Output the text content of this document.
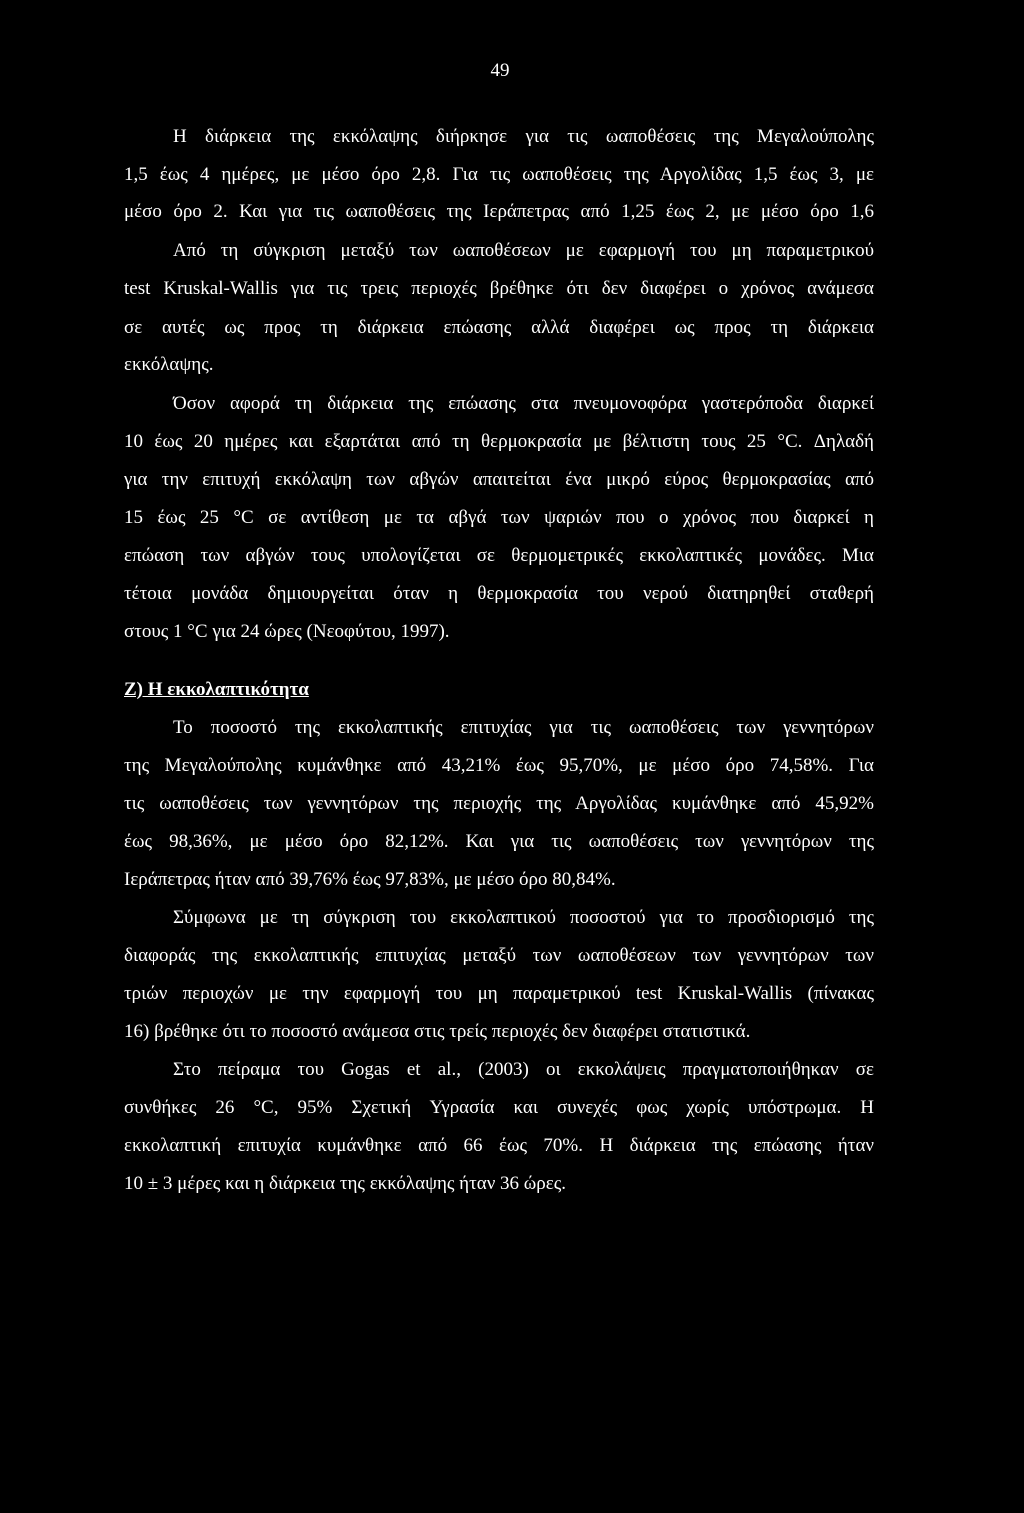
49
Η διάρκεια της εκκόλαψης διήρκησε για τις ωαποθέσεις της Μεγαλούπολης
1,5 έως 4 ημέρες, με μέσο όρο 2,8. Για τις ωαποθέσεις της Αργολίδας 1,5 έως 3, με
μέσο όρο 2. Και για τις ωαποθέσεις της Ιεράπετρας από 1,25 έως 2, με μέσο όρο 1,6
Από τη σύγκριση μεταξύ των ωαποθέσεων με εφαρμογή του μη παραμετρικού
test Kruskal-Wallis για τις τρεις περιοχές βρέθηκε ότι δεν διαφέρει ο χρόνος ανάμεσα
σε αυτές ως προς τη διάρκεια επώασης αλλά διαφέρει ως προς τη διάρκεια
εκκόλαψης.
Όσον αφορά τη διάρκεια της επώασης στα πνευμονοφόρα γαστερόποδα διαρκεί
10 έως 20 ημέρες και εξαρτάται από τη θερμοκρασία με βέλτιστη τους 25 °C. Δηλαδή
για την επιτυχή εκκόλαψη των αβγών απαιτείται ένα μικρό εύρος θερμοκρασίας από
15 έως 25 °C σε αντίθεση με τα αβγά των ψαριών που ο χρόνος που διαρκεί η
επώαση των αβγών τους υπολογίζεται σε θερμομετρικές εκκολαπτικές μονάδες. Μια
τέτοια μονάδα δημιουργείται όταν η θερμοκρασία του νερού διατηρηθεί σταθερή
στους 1 °C για 24 ώρες (Νεοφύτου, 1997).
Ζ) Η εκκολαπτικότητα
Το ποσοστό της εκκολαπτικής επιτυχίας για τις ωαποθέσεις των γεννητόρων
της Μεγαλούπολης κυμάνθηκε από 43,21% έως 95,70%, με μέσο όρο 74,58%. Για
τις ωαποθέσεις των γεννητόρων της περιοχής της Αργολίδας κυμάνθηκε από 45,92%
έως 98,36%, με μέσο όρο 82,12%. Και για τις ωαποθέσεις των γεννητόρων της
Ιεράπετρας ήταν από 39,76% έως 97,83%, με μέσο όρο 80,84%.
Σύμφωνα με τη σύγκριση του εκκολαπτικού ποσοστού για το προσδιορισμό της
διαφοράς της εκκολαπτικής επιτυχίας μεταξύ των ωαποθέσεων των γεννητόρων των
τριών περιοχών με την εφαρμογή του μη παραμετρικού test Kruskal-Wallis (πίνακας
16) βρέθηκε ότι το ποσοστό ανάμεσα στις τρείς περιοχές δεν διαφέρει στατιστικά.
Στο πείραμα του Gogas et al., (2003) οι εκκολάψεις πραγματοποιήθηκαν σε
συνθήκες 26 °C, 95% Σχετική Υγρασία και συνεχές φως χωρίς υπόστρωμα. Η
εκκολαπτική επιτυχία κυμάνθηκε από 66 έως 70%. Η διάρκεια της επώασης ήταν
10 ± 3 μέρες και η διάρκεια της εκκόλαψης ήταν 36 ώρες.
